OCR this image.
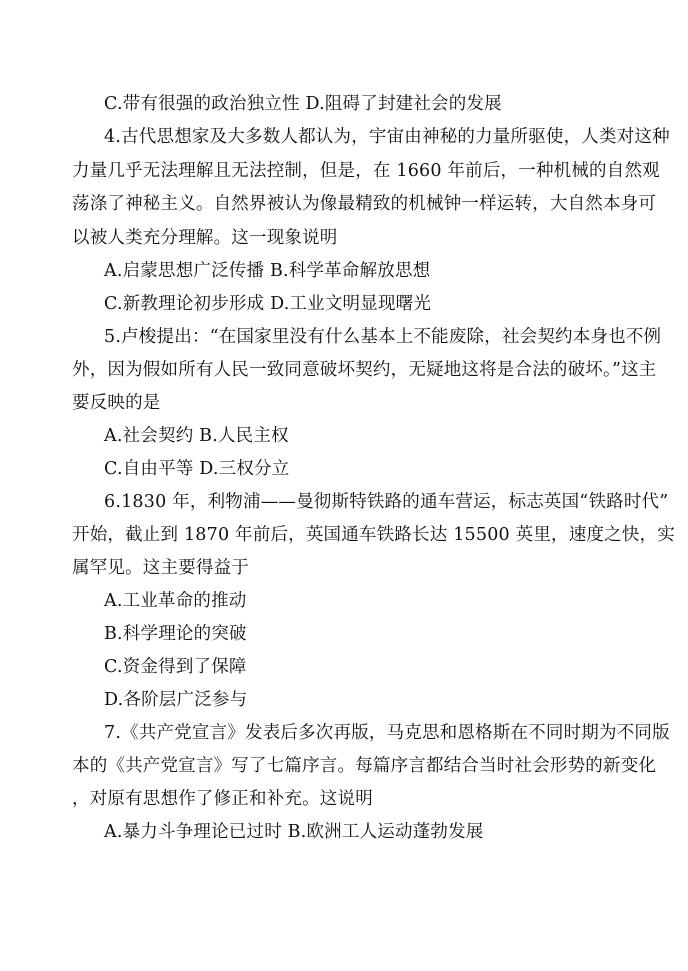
C.带有很强的政治独立性 D.阻碍了封建社会的发展
4.古代思想家及大多数人都认为，宇宙由神秘的力量所驱使，人类对这种
力量几乎无法理解且无法控制，但是，在 1660 年前后，一种机械的自然观
荡涤了神秘主义。自然界被认为像最精致的机械钟一样运转，大自然本身可
以被人类充分理解。这一现象说明
A.启蒙思想广泛传播 B.科学革命解放思想
C.新教理论初步形成 D.工业文明显现曙光
5.卢梭提出：“在国家里没有什么基本上不能废除，社会契约本身也不例
外，因为假如所有人民一致同意破坏契约，无疑地这将是合法的破坏。”这主
要反映的是
A.社会契约 B.人民主权
C.自由平等 D.三权分立
6.1830 年，利物浦——曼彻斯特铁路的通车营运，标志英国“铁路时代”
开始，截止到 1870 年前后，英国通车铁路长达 15500 英里，速度之快，实
属罕见。这主要得益于
A.工业革命的推动
B.科学理论的突破
C.资金得到了保障
D.各阶层广泛参与
7.《共产党宣言》发表后多次再版，马克思和恩格斯在不同时期为不同版
本的《共产党宣言》写了七篇序言。每篇序言都结合当时社会形势的新变化
，对原有思想作了修正和补充。这说明
A.暴力斗争理论已过时 B.欧洲工人运动蓬勃发展
